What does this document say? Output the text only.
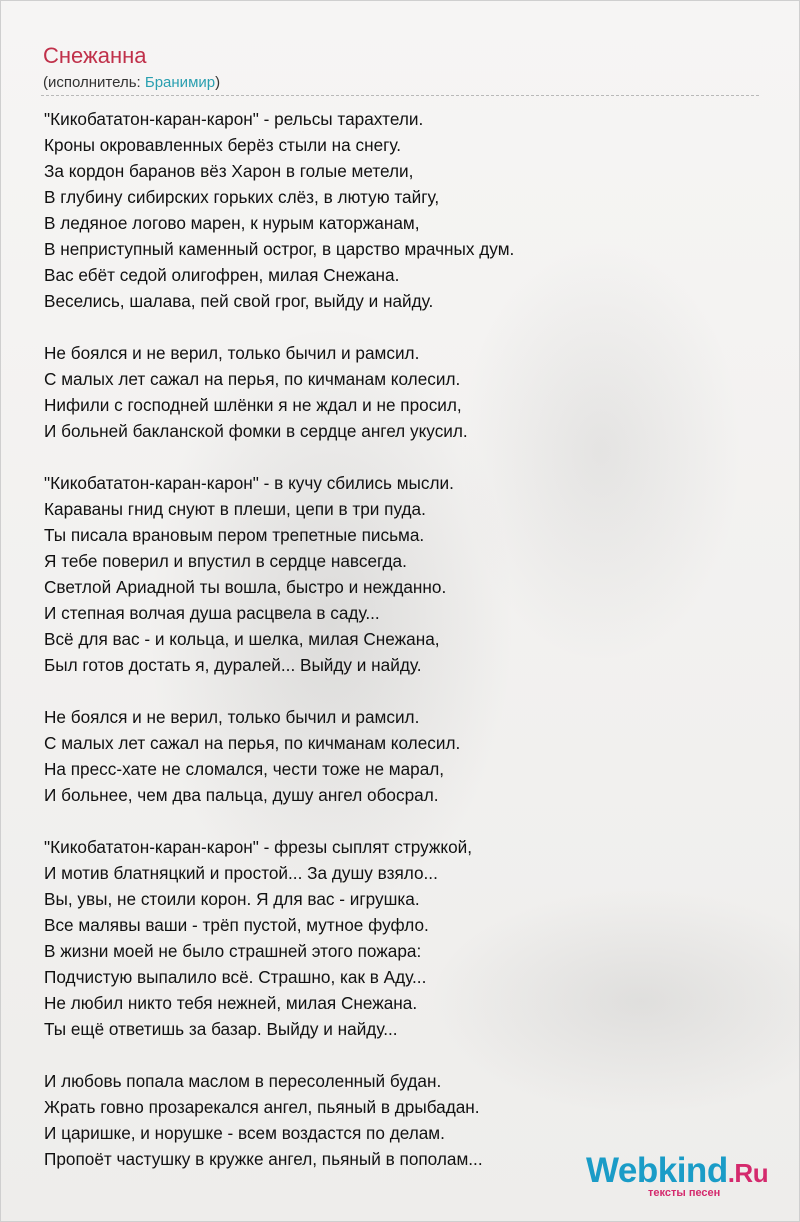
Снежанна
(исполнитель: Бранимир)
"Кикобататон-каран-карон" - рельсы тарахтели.
Кроны окровавленных берёз стыли на снегу.
За кордон баранов вёз Харон в голые метели,
В глубину сибирских горьких слёз, в лютую тайгу,
В ледяное логово марен, к нурым каторжанам,
В неприступный каменный острог, в царство мрачных дум.
Вас ебёт седой олигофрен, милая Снежана.
Веселись, шалава, пей свой грог, выйду и найду.
Не боялся и не верил, только бычил и рамсил.
С малых лет сажал на перья, по кичманам колесил.
Нифили с господней шлёнки я не ждал и не просил,
И больней бакланской фомки в сердце ангел укусил.
"Кикобататон-каран-карон" - в кучу сбились мысли.
Караваны гнид снуют в плеши, цепи в три пуда.
Ты писала врановым пером трепетные письма.
Я тебе поверил и впустил в сердце навсегда.
Светлой Ариадной ты вошла, быстро и нежданно.
И степная волчая душа расцвела в саду...
Всё для вас - и кольца, и шелка, милая Снежана,
Был готов достать я, дуралей... Выйду и найду.
Не боялся и не верил, только бычил и рамсил.
С малых лет сажал на перья, по кичманам колесил.
На пресс-хате не сломался, чести тоже не марал,
И больнее, чем два пальца, душу ангел обосрал.
"Кикобататон-каран-карон" - фрезы сыплят стружкой,
И мотив блатняцкий и простой... За душу взяло...
Вы, увы, не стоили корон. Я для вас - игрушка.
Все малявы ваши - трёп пустой, мутное фуфло.
В жизни моей не было страшней этого пожара:
Подчистую выпалило всё. Страшно, как в Аду...
Не любил никто тебя нежней, милая Снежана.
Ты ещё ответишь за базар. Выйду и найду...
И любовь попала маслом в пересоленный будан.
Жрать говно прозарекался ангел, пьяный в дрыбадан.
И царишке, и норушке - всем воздастся по делам.
Пропоёт частушку в кружке ангел, пьяный в пополам...	Webkind.Ru
тексты песен
